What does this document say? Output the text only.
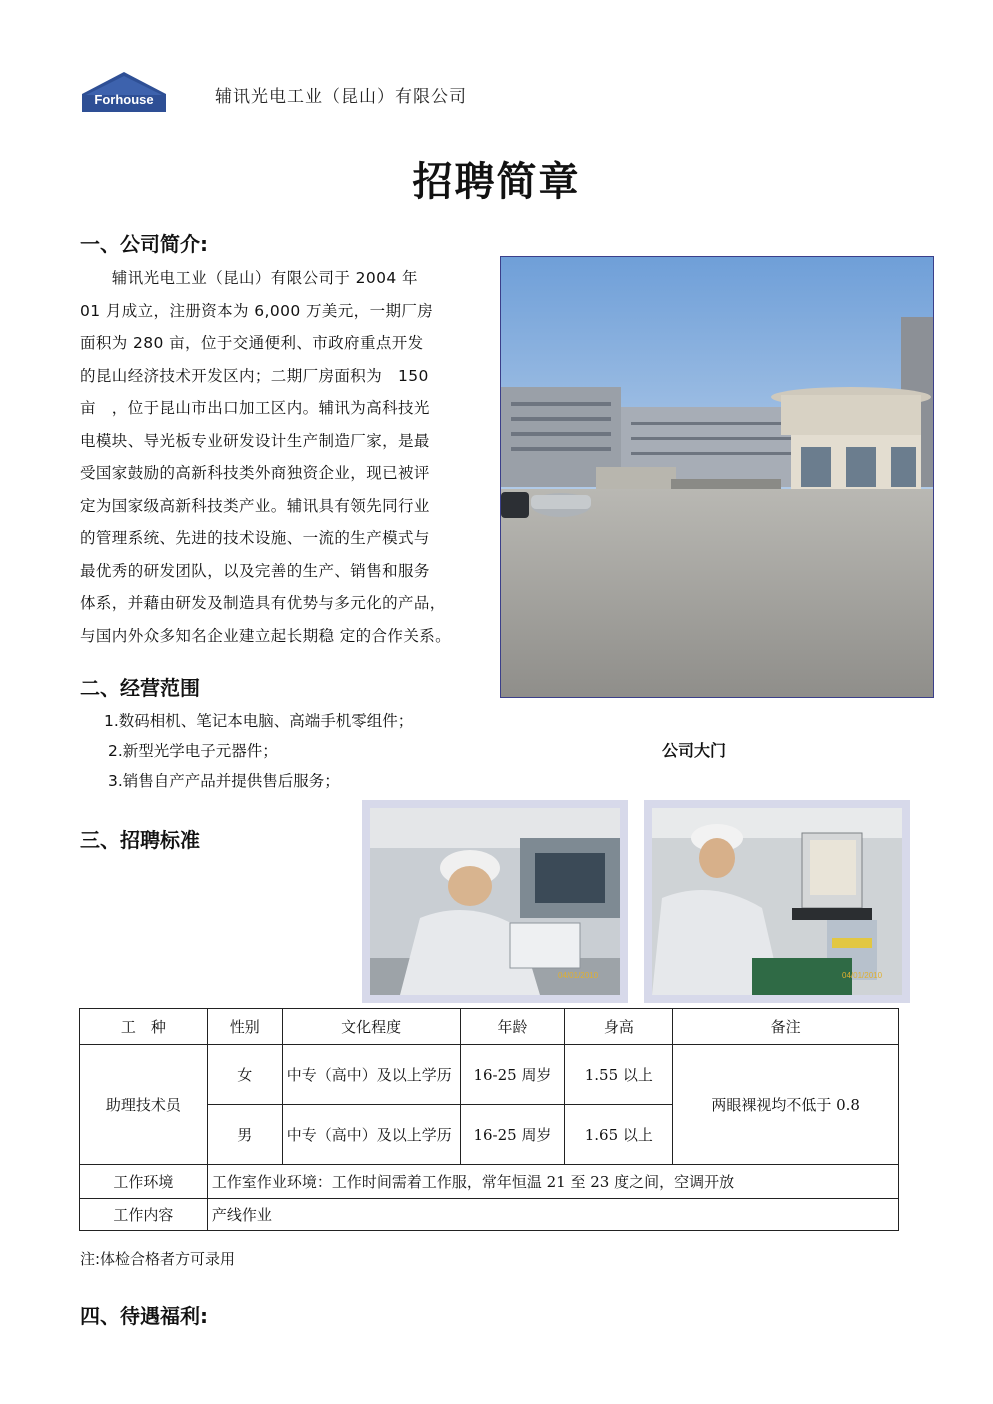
Forhouse	辅讯光电工业（昆山）有限公司
招聘简章
一、公司简介:
　　辅讯光电工业（昆山）有限公司于 2004 年
01 月成立，注册资本为 6,000 万美元，一期厂房
面积为 280 亩，位于交通便利、市政府重点开发
的昆山经济技术开发区内；二期厂房面积为　150
亩　，位于昆山市出口加工区内。辅讯为高科技光
电模块、导光板专业研发设计生产制造厂家，是最
受国家鼓励的高新科技类外商独资企业，现已被评
定为国家级高新科技类产业。辅讯具有领先同行业
的管理系统、先进的技术设施、一流的生产模式与
最优秀的研发团队，以及完善的生产、销售和服务
体系，并藉由研发及制造具有优势与多元化的产品，
与国内外众多知名企业建立起长期稳 定的合作关系。
公司大门
二、经营范围
1.数码相机、笔记本电脑、高端手机零组件；
2.新型光学电子元器件；
3.销售自产产品并提供售后服务；
三、招聘标准
04/01/2010	04/01/2010
工　种	性别	文化程度	年龄	身高	备注
助理技术员	女	中专（高中）及以上学历	16-25 周岁	1.55 以上	两眼裸视均不低于 0.8
	男	中专（高中）及以上学历	16-25 周岁	1.65 以上	
工作环境	工作室作业环境：工作时间需着工作服，常年恒温 21 至 23 度之间，空调开放				
工作内容	产线作业				
注:体检合格者方可录用
四、待遇福利:
